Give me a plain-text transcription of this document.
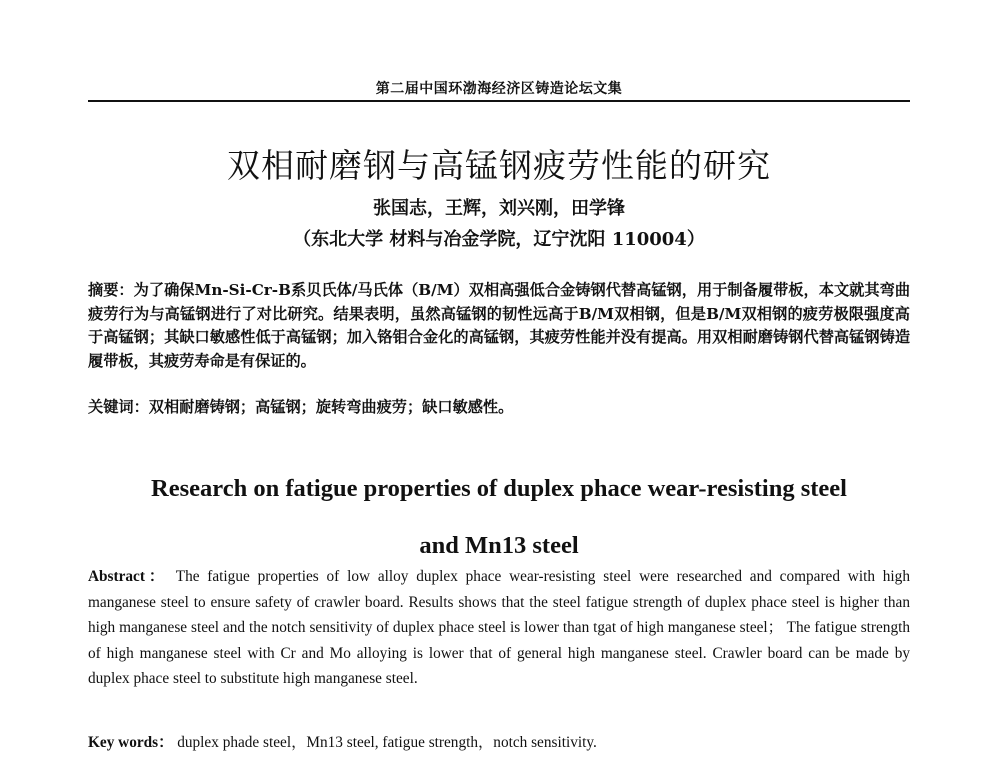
第二届中国环渤海经济区铸造论坛文集
双相耐磨钢与高锰钢疲劳性能的研究
张国志，王辉，刘兴刚，田学锋
（东北大学 材料与冶金学院，辽宁沈阳 110004）
摘要：为了确保Mn-Si-Cr-B系贝氏体/马氏体（B/M）双相高强低合金铸钢代替高锰钢，用于制备履带板，本文就其弯曲疲劳行为与高锰钢进行了对比研究。结果表明，虽然高锰钢的韧性远高于B/M双相钢，但是B/M双相钢的疲劳极限强度高于高锰钢；其缺口敏感性低于高锰钢；加入铬钼合金化的高锰钢，其疲劳性能并没有提高。用双相耐磨铸钢代替高锰钢铸造履带板，其疲劳寿命是有保证的。
关键词：双相耐磨铸钢；高锰钢；旋转弯曲疲劳；缺口敏感性。
Research on fatigue properties of duplex phace wear-resisting steel
and Mn13 steel
Abstract： The fatigue properties of low alloy duplex phace wear-resisting steel were researched and compared with high manganese steel to ensure safety of crawler board. Results shows that the steel fatigue strength of duplex phace steel is higher than high manganese steel and the notch sensitivity of duplex phace steel is lower than tgat of high manganese steel； The fatigue strength of high manganese steel with Cr and Mo alloying is lower that of general high manganese steel. Crawler board can be made by duplex phace steel to substitute high manganese steel.
Key words： duplex phade steel，Mn13 steel, fatigue strength，notch sensitivity.
